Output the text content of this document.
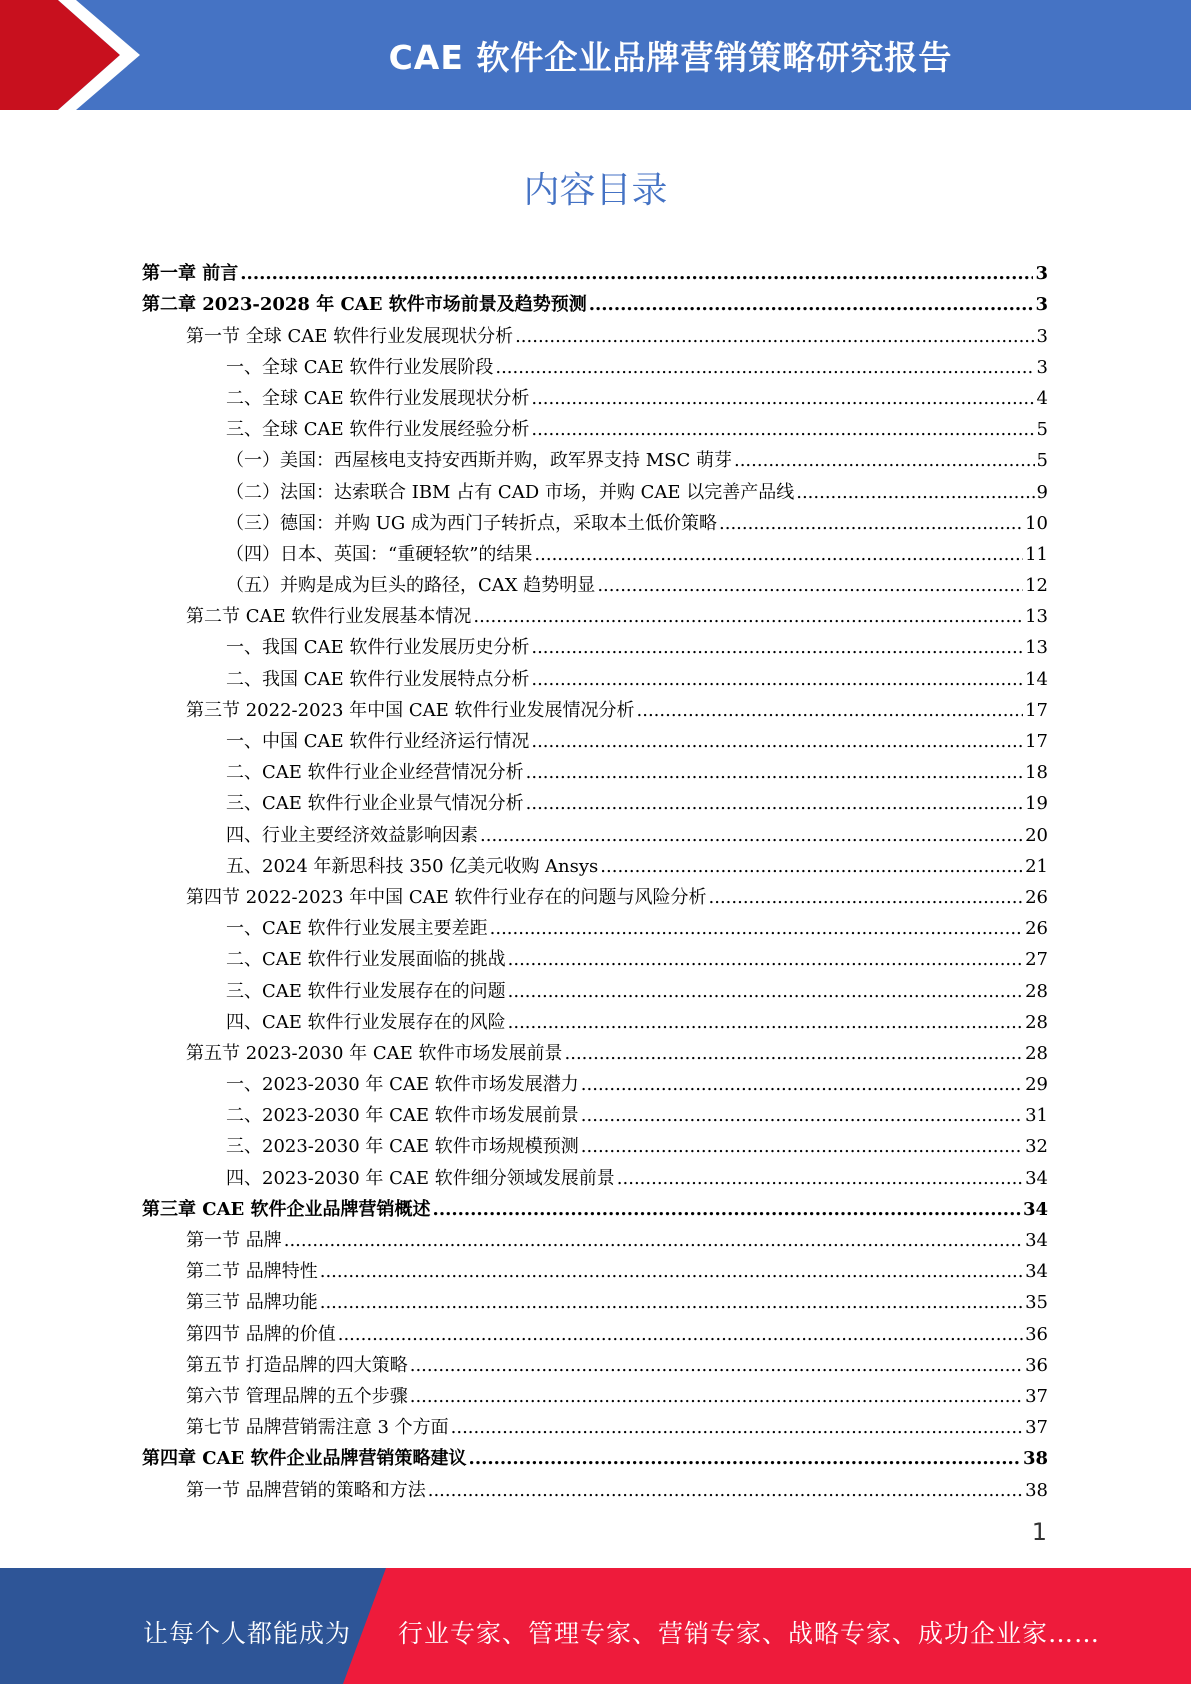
CAE 软件企业品牌营销策略研究报告
内容目录
第一章 前言 .....	3
第二章 2023-2028 年 CAE 软件市场前景及趋势预测 .....	3
第一节 全球 CAE 软件行业发展现状分析 .....	3
一、全球 CAE 软件行业发展阶段 .....	3
二、全球 CAE 软件行业发展现状分析 .....	4
三、全球 CAE 软件行业发展经验分析 .....	5
（一）美国：西屋核电支持安西斯并购，政军界支持 MSC 萌芽 .....	5
（二）法国：达索联合 IBM 占有 CAD 市场，并购 CAE 以完善产品线 .....	9
（三）德国：并购 UG 成为西门子转折点，采取本土低价策略 .....	10
（四）日本、英国：“重硬轻软”的结果 .....	11
（五）并购是成为巨头的路径，CAX 趋势明显 .....	12
第二节 CAE 软件行业发展基本情况 .....	13
一、我国 CAE 软件行业发展历史分析 .....	13
二、我国 CAE 软件行业发展特点分析 .....	14
第三节 2022-2023 年中国 CAE 软件行业发展情况分析 .....	17
一、中国 CAE 软件行业经济运行情况 .....	17
二、CAE 软件行业企业经营情况分析 .....	18
三、CAE 软件行业企业景气情况分析 .....	19
四、行业主要经济效益影响因素 .....	20
五、2024 年新思科技 350 亿美元收购 Ansys .....	21
第四节 2022-2023 年中国 CAE 软件行业存在的问题与风险分析 .....	26
一、CAE 软件行业发展主要差距 .....	26
二、CAE 软件行业发展面临的挑战 .....	27
三、CAE 软件行业发展存在的问题 .....	28
四、CAE 软件行业发展存在的风险 .....	28
第五节 2023-2030 年 CAE 软件市场发展前景 .....	28
一、2023-2030 年 CAE 软件市场发展潜力 .....	29
二、2023-2030 年 CAE 软件市场发展前景 .....	31
三、2023-2030 年 CAE 软件市场规模预测 .....	32
四、2023-2030 年 CAE 软件细分领域发展前景 .....	34
第三章 CAE 软件企业品牌营销概述 .....	34
第一节 品牌 .....	34
第二节 品牌特性 .....	34
第三节 品牌功能 .....	35
第四节 品牌的价值 .....	36
第五节 打造品牌的四大策略 .....	36
第六节 管理品牌的五个步骤 .....	37
第七节 品牌营销需注意 3 个方面 .....	37
第四章 CAE 软件企业品牌营销策略建议 .....	38
第一节 品牌营销的策略和方法 .....	38
1
让每个人都能成为 行业专家、管理专家、营销专家、战略专家、成功企业家……
